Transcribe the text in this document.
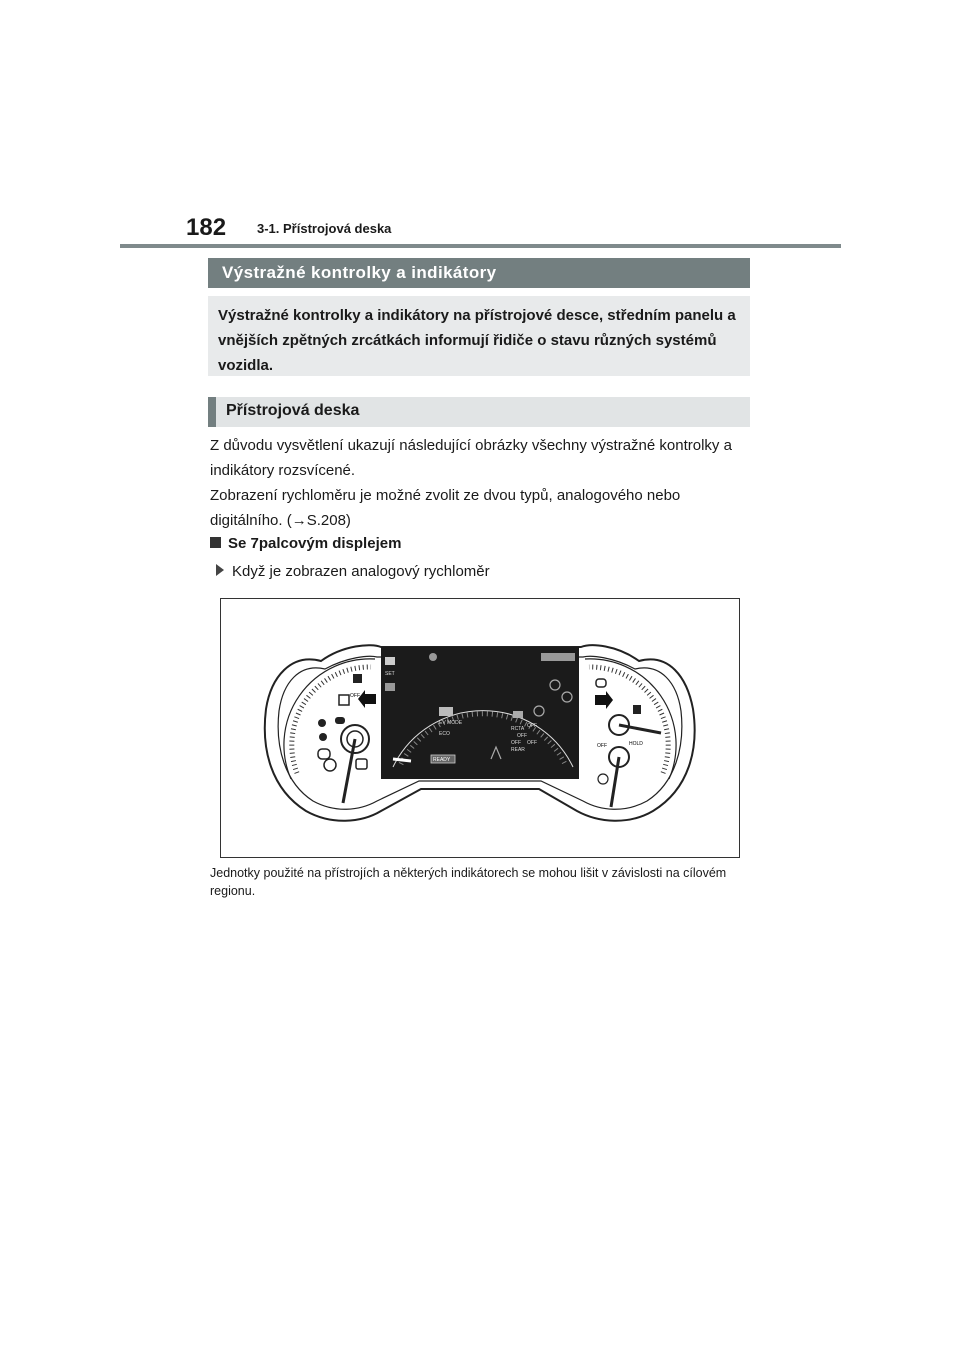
182 3-1. Přístrojová deska
Výstražné kontrolky a indikátory

Výstražné kontrolky a indikátory na přístrojové desce, středním panelu a vnějších zpětných zrcátkách informují řidiče o stavu různých systémů vozidla.

Přístrojová deska

Z důvodu vysvětlení ukazují následující obrázky všechny výstražné kontrolky a indikátory rozsvícené.

Zobrazení rychloměru je možné zvolit ze dvou typů, analogového nebo digitálního. (→S.208)

Se 7palcovým displejem
Když je zobrazen analogový rychloměr
OFF
SET
EV MODE
ECO
READY
RCTA
OFF
OFF OFF
OFF
REAR
HOLD
OFF

Jednotky použité na přístrojích a některých indikátorech se mohou lišit v závislosti na cílovém regionu.
